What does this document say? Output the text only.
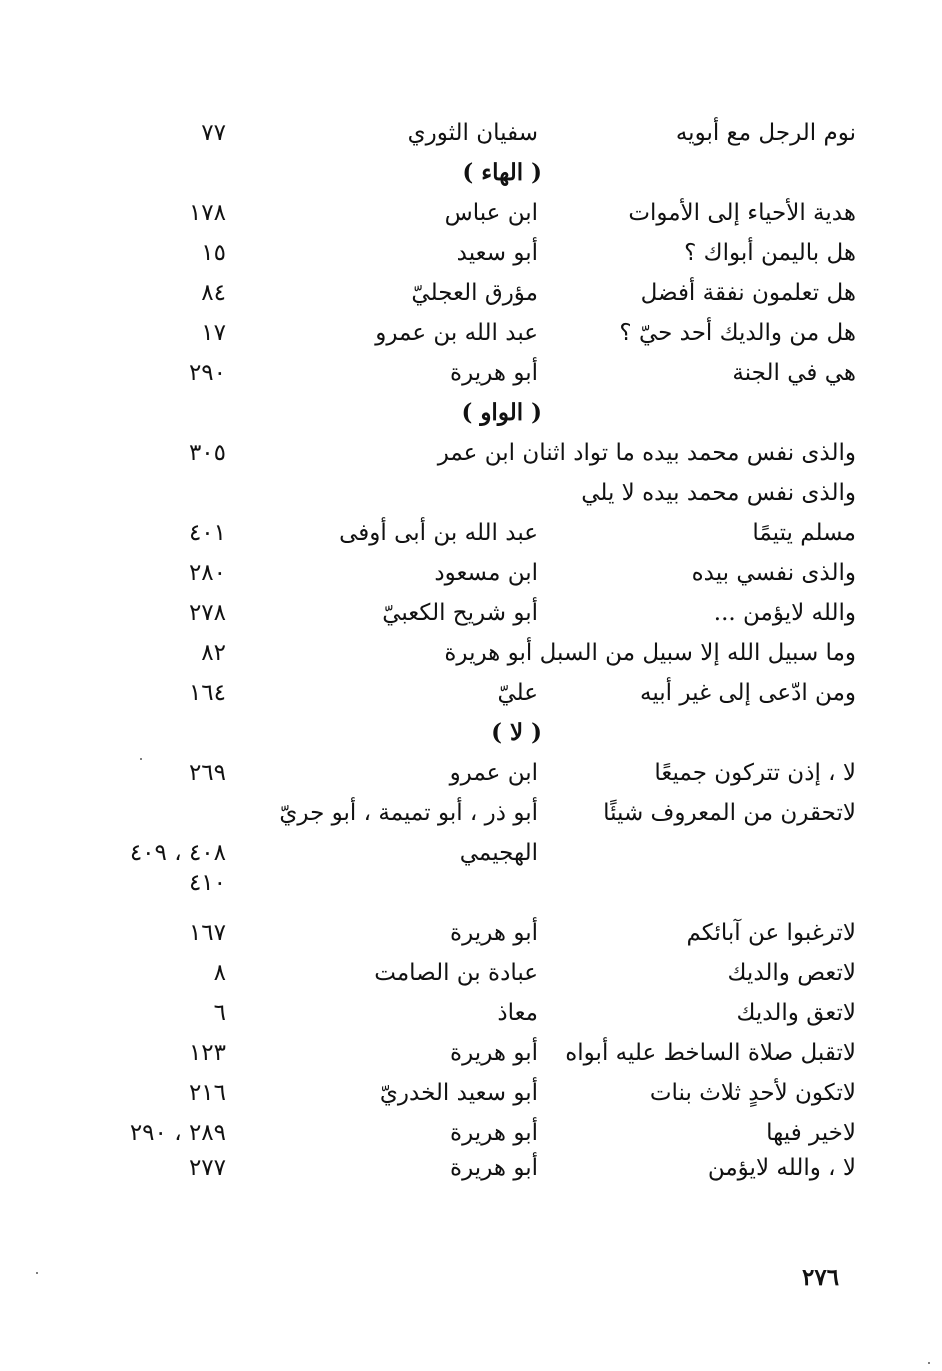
نوم الرجل مع أبويه
سفيان الثوري
٧٧
( الهاء )
هدية الأحياء إلى الأموات
ابن عباس
١٧٨
هل باليمن أبواك ؟
أبو سعيد
١٥
هل تعلمون نفقة أفضل
مؤرق العجليّ
٨٤
هل من والديك أحد حيّ ؟
عبد الله بن عمرو
١٧
هي في الجنة
أبو هريرة
٢٩٠
( الواو )
والذى نفس محمد بيده ما تواد اثنان ابن عمر
٣٠٥
والذى نفس محمد بيده لا يلي
مسلم يتيمًا
عبد الله بن أبى أوفى
٤٠١
والذى نفسي بيده
ابن مسعود
٢٨٠
والله لايؤمن ...
أبو شريح الكعبيّ
٢٧٨
وما سبيل الله إلا سبيل من السبل أبو هريرة
٨٢
ومن ادّعى إلى غير أبيه
عليّ
١٦٤
( لا )
لا ، إذن تتركون جميعًا
ابن عمرو
٢٦٩
لاتحقرن من المعروف شيئًا
أبو ذر ، أبو تميمة ، أبو جريّ
الهجيمي
٤٠٨ ، ٤٠٩
٤١٠
لاترغبوا عن آبائكم
أبو هريرة
١٦٧
لاتعص والديك
عبادة بن الصامت
٨
لاتعق والديك
معاذ
٦
لاتقبل صلاة الساخط عليه أبواه
أبو هريرة
١٢٣
لاتكون لأحدٍ ثلاث بنات
أبو سعيد الخدريّ
٢١٦
لاخير فيها
أبو هريرة
٢٨٩ ، ٢٩٠
لا ، والله لايؤمن
أبو هريرة
٢٧٧
٢٧٦
